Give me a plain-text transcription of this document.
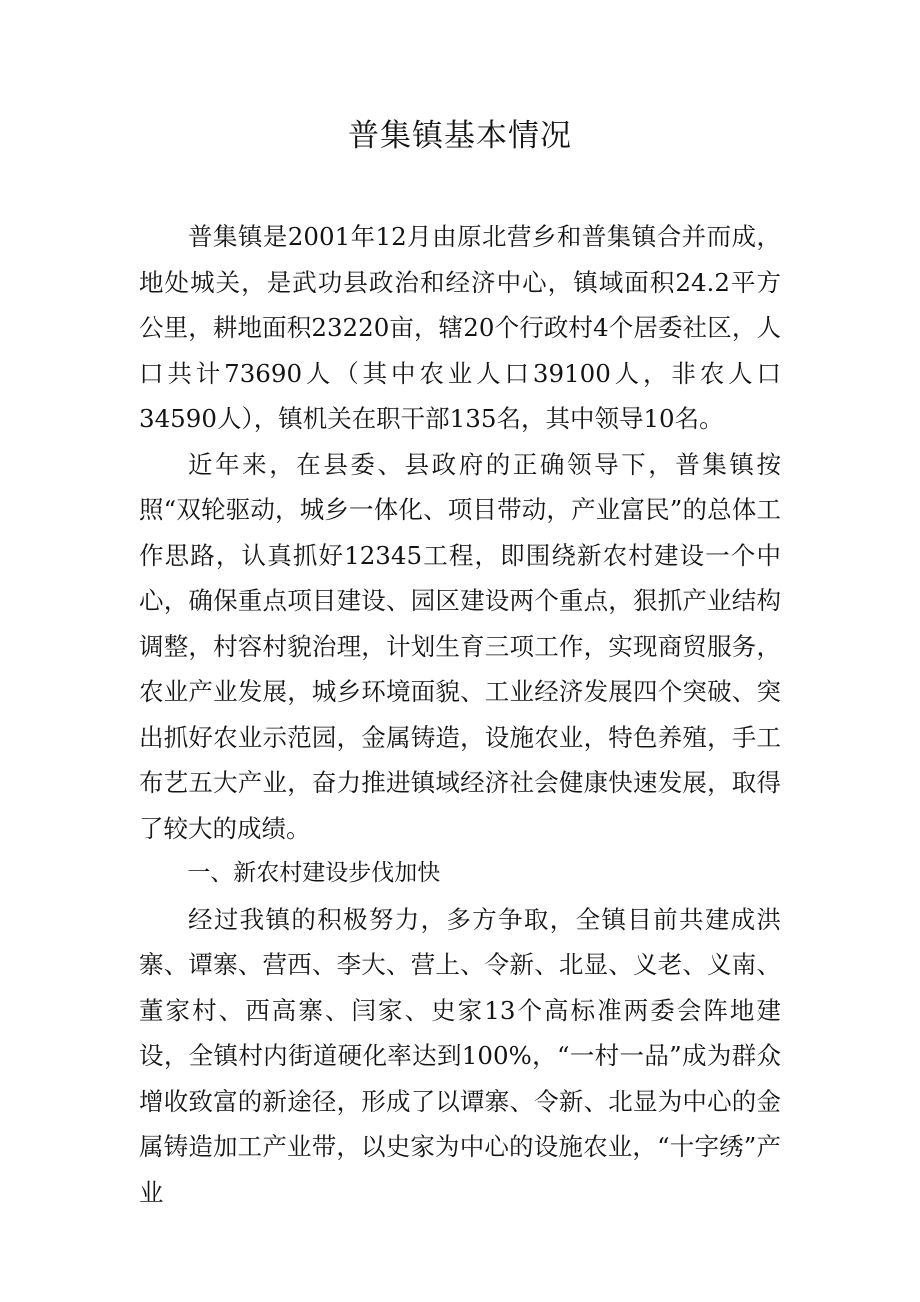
普集镇基本情况

普集镇是2001年12月由原北营乡和普集镇合并而成，地处城关，是武功县政治和经济中心，镇域面积24.2平方公里，耕地面积23220亩，辖20个行政村4个居委社区，人口共计73690人（其中农业人口39100人，非农人口34590人），镇机关在职干部135名，其中领导10名。

近年来，在县委、县政府的正确领导下，普集镇按照“双轮驱动，城乡一体化、项目带动，产业富民”的总体工作思路，认真抓好12345工程，即围绕新农村建设一个中心，确保重点项目建设、园区建设两个重点，狠抓产业结构调整，村容村貌治理，计划生育三项工作，实现商贸服务，农业产业发展，城乡环境面貌、工业经济发展四个突破、突出抓好农业示范园，金属铸造，设施农业，特色养殖，手工布艺五大产业，奋力推进镇域经济社会健康快速发展，取得了较大的成绩。

一、新农村建设步伐加快

经过我镇的积极努力，多方争取，全镇目前共建成洪寨、谭寨、营西、李大、营上、令新、北显、义老、义南、董家村、西高寨、闫家、史家13个高标准两委会阵地建设，全镇村内街道硬化率达到100%，“一村一品”成为群众增收致富的新途径，形成了以谭寨、令新、北显为中心的金属铸造加工产业带，以史家为中心的设施农业，“十字绣”产业
